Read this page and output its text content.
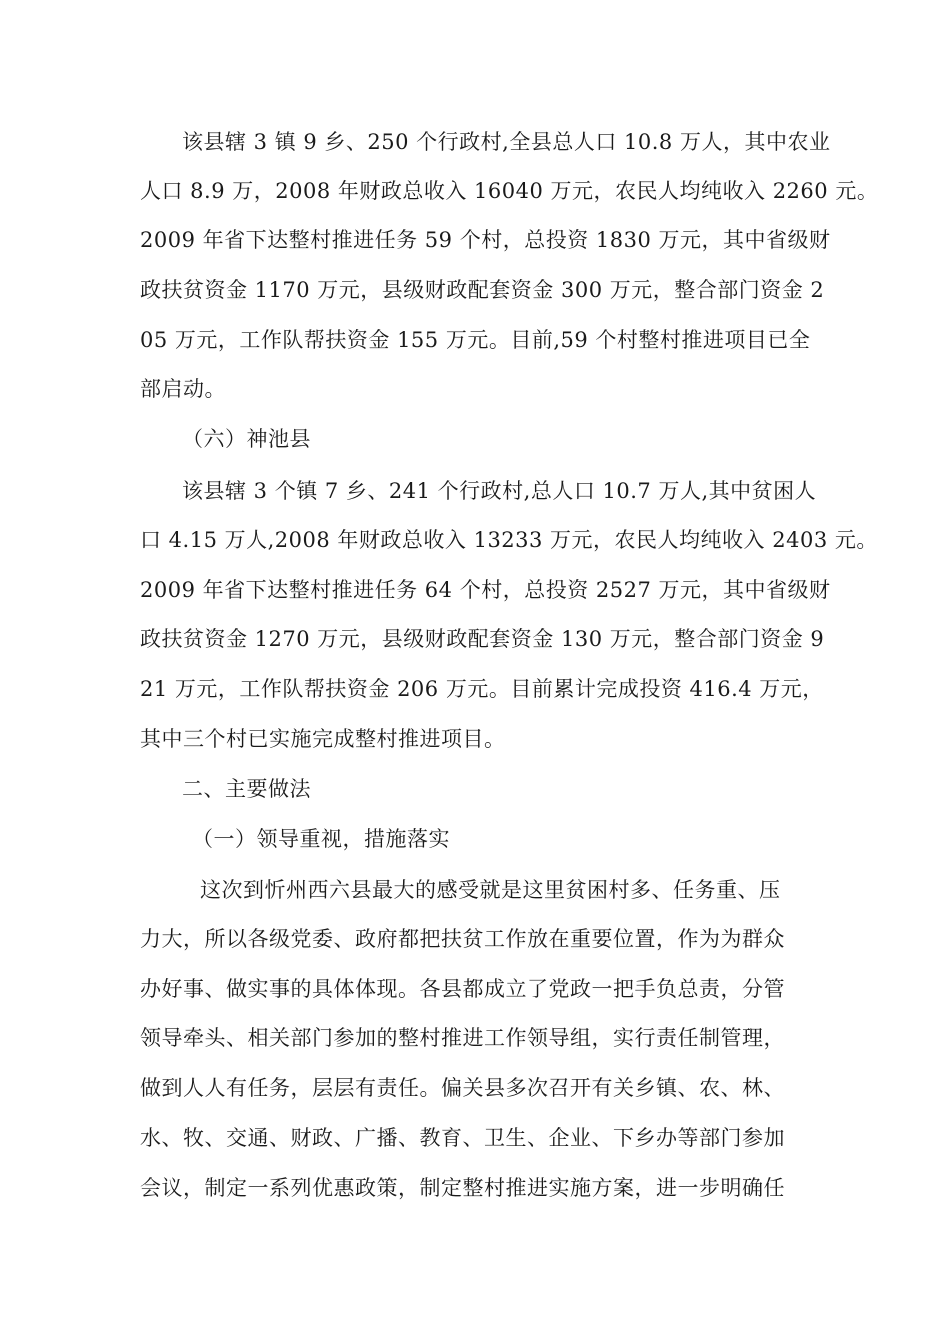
该县辖 3 镇 9 乡、250 个行政村,全县总人口 10.8 万人，其中农业
人口 8.9 万，2008 年财政总收入 16040 万元，农民人均纯收入 2260 元。
2009 年省下达整村推进任务 59 个村，总投资 1830 万元，其中省级财
政扶贫资金 1170 万元，县级财政配套资金 300 万元，整合部门资金 2
05 万元，工作队帮扶资金 155 万元。目前,59 个村整村推进项目已全
部启动。
（六）神池县
该县辖 3 个镇 7 乡、241 个行政村,总人口 10.7 万人,其中贫困人
口 4.15 万人,2008 年财政总收入 13233 万元，农民人均纯收入 2403 元。
2009 年省下达整村推进任务 64 个村，总投资 2527 万元，其中省级财
政扶贫资金 1270 万元，县级财政配套资金 130 万元，整合部门资金 9
21 万元，工作队帮扶资金 206 万元。目前累计完成投资 416.4 万元，
其中三个村已实施完成整村推进项目。
二、主要做法
（一）领导重视，措施落实
这次到忻州西六县最大的感受就是这里贫困村多、任务重、压
力大，所以各级党委、政府都把扶贫工作放在重要位置，作为为群众
办好事、做实事的具体体现。各县都成立了党政一把手负总责，分管
领导牵头、相关部门参加的整村推进工作领导组，实行责任制管理，
做到人人有任务，层层有责任。偏关县多次召开有关乡镇、农、林、
水、牧、交通、财政、广播、教育、卫生、企业、下乡办等部门参加
会议，制定一系列优惠政策，制定整村推进实施方案，进一步明确任
